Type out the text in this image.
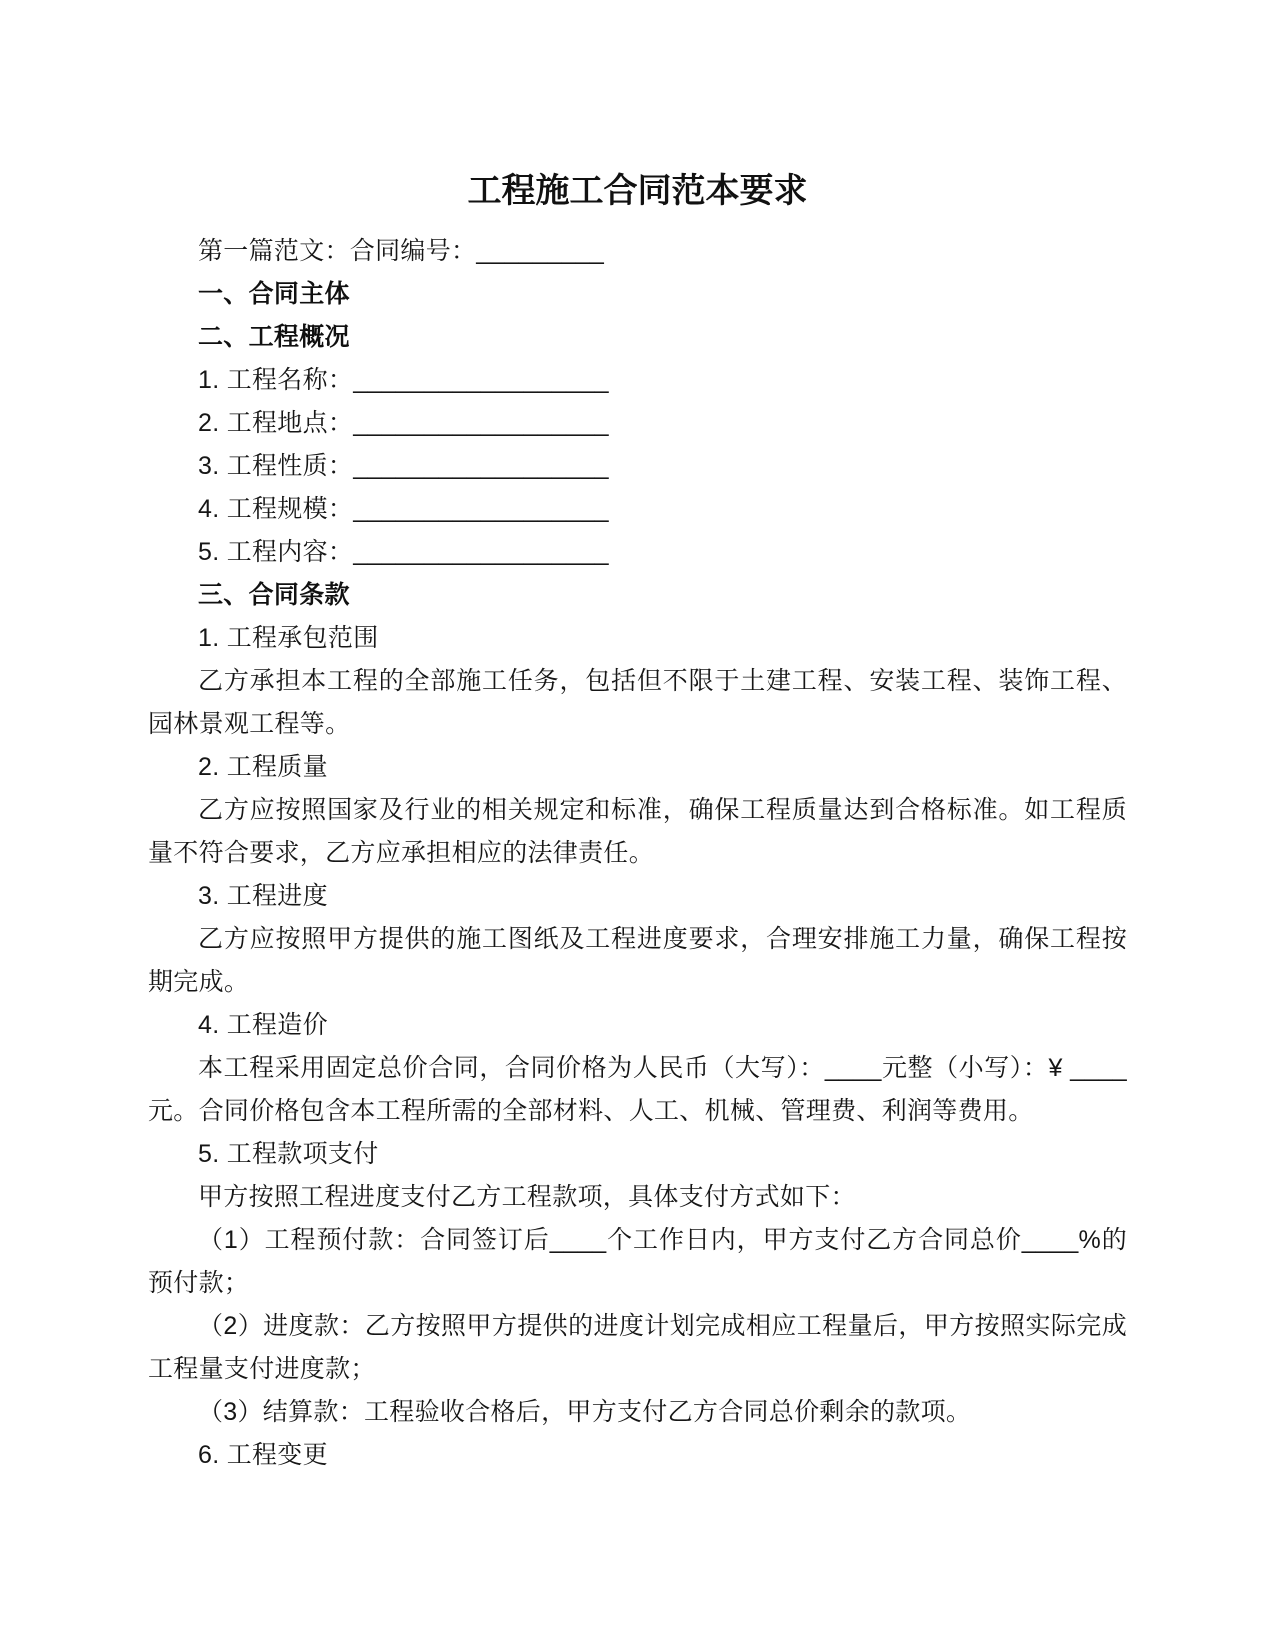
工程施工合同范本要求

第一篇范文：合同编号：_________

一、合同主体

二、工程概况

1. 工程名称：__________________

2. 工程地点：__________________

3. 工程性质：__________________

4. 工程规模：__________________

5. 工程内容：__________________

三、合同条款

1. 工程承包范围

乙方承担本工程的全部施工任务，包括但不限于土建工程、安装工程、装饰工程、园林景观工程等。

2. 工程质量

乙方应按照国家及行业的相关规定和标准，确保工程质量达到合格标准。如工程质量不符合要求，乙方应承担相应的法律责任。

3. 工程进度

乙方应按照甲方提供的施工图纸及工程进度要求，合理安排施工力量，确保工程按期完成。

4. 工程造价

本工程采用固定总价合同，合同价格为人民币（大写）：____元整（小写）：¥ ____元。合同价格包含本工程所需的全部材料、人工、机械、管理费、利润等费用。

5. 工程款项支付

甲方按照工程进度支付乙方工程款项，具体支付方式如下：

（1）工程预付款：合同签订后____个工作日内，甲方支付乙方合同总价____%的预付款；

（2）进度款：乙方按照甲方提供的进度计划完成相应工程量后，甲方按照实际完成工程量支付进度款；

（3）结算款：工程验收合格后，甲方支付乙方合同总价剩余的款项。

6. 工程变更
